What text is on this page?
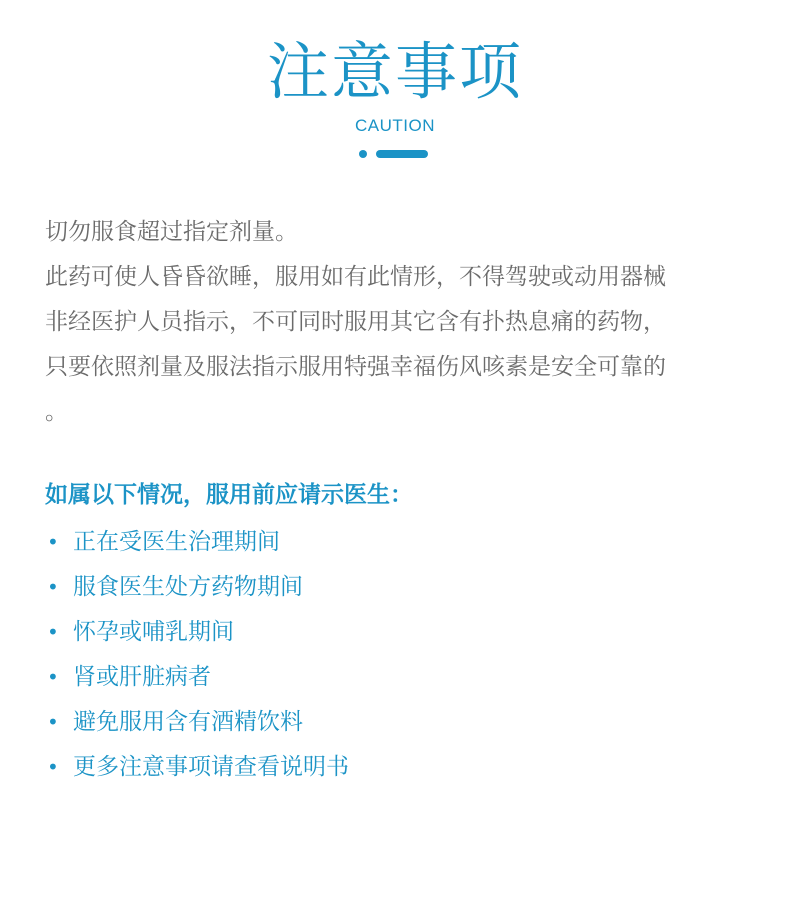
注意事项
CAUTION
切勿服食超过指定剂量。
此药可使人昏昏欲睡，服用如有此情形，不得驾驶或动用器械
非经医护人员指示，不可同时服用其它含有扑热息痛的药物，
只要依照剂量及服法指示服用特强幸福伤风咳素是安全可靠的
。
如属以下情况，服用前应请示医生：
• 正在受医生治理期间
• 服食医生处方药物期间
• 怀孕或哺乳期间
• 肾或肝脏病者
• 避免服用含有酒精饮料
• 更多注意事项请查看说明书
